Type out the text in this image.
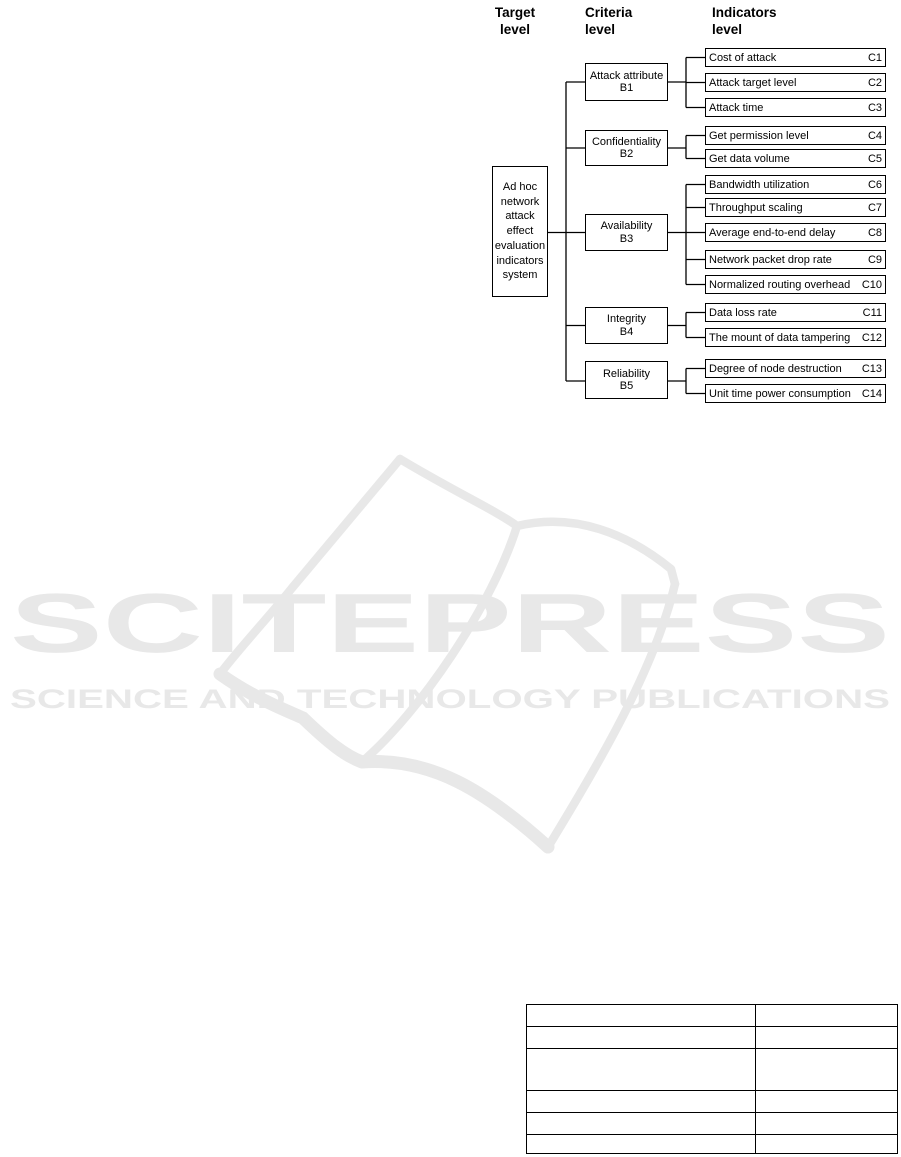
SCITEPRESS
SCIENCE AND TECHNOLOGY PUBLICATIONS
Target level
Criteria level
Indicators level
Ad hoc network attack effect evaluation indicators system
Attack attribute
B1
Confidentiality
B2
Availability
B3
Integrity
B4
Reliability
B5
Cost of attack	C1
Attack target level	C2
Attack time	C3
Get permission level	C4
Get data volume	C5
Bandwidth utilization	C6
Throughput scaling	C7
Average end-to-end delay	C8
Network packet drop rate	C9
Normalized routing overhead C10
Data loss rate	C11
The mount of data tampering C12
Degree of node destruction C13
Unit time power consumption C14
